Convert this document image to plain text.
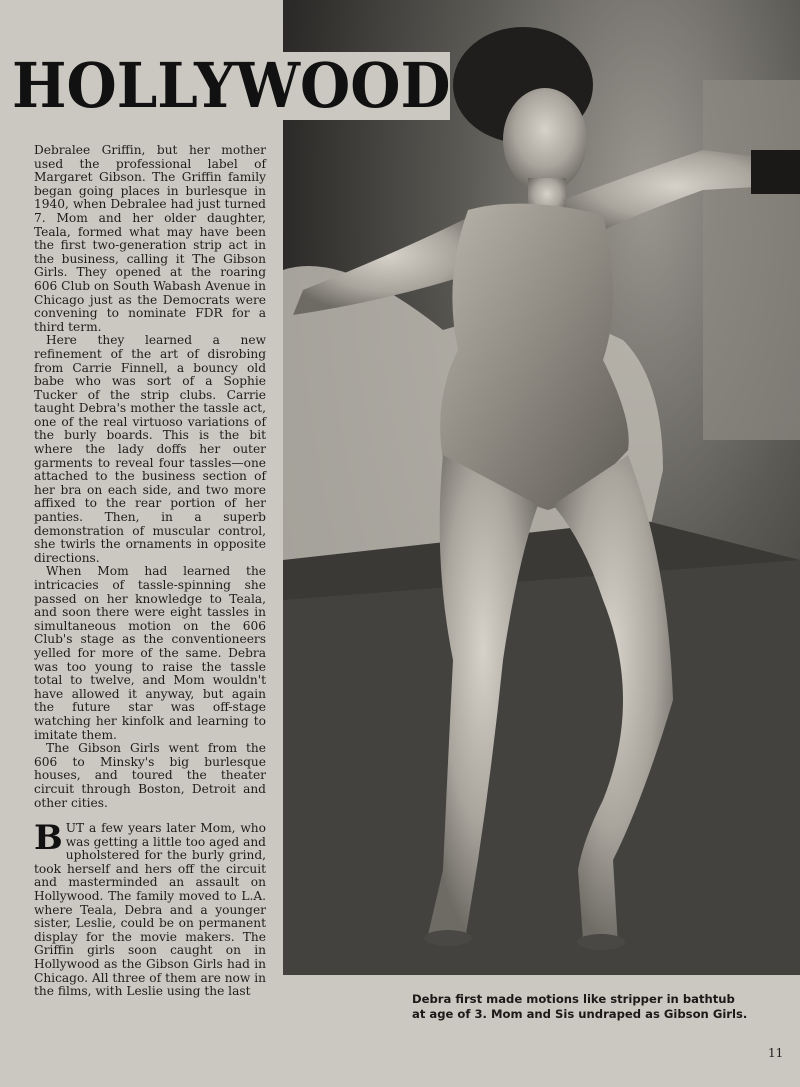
HOLLYWOOD

Debralee Griffin, but her mother used the professional label of Margaret Gibson. The Griffin family began going places in burlesque in 1940, when Debralee had just turned 7. Mom and her older daughter, Teala, formed what may have been the first two-generation strip act in the business, calling it The Gibson Girls. They opened at the roaring 606 Club on South Wabash Avenue in Chicago just as the Democrats were convening to nominate FDR for a third term.

Here they learned a new refinement of the art of disrobing from Carrie Finnell, a bouncy old babe who was sort of a Sophie Tucker of the strip clubs. Carrie taught Debra's mother the tassle act, one of the real virtuoso variations of the burly boards. This is the bit where the lady doffs her outer garments to reveal four tassles—one attached to the business section of her bra on each side, and two more affixed to the rear portion of her panties. Then, in a superb demonstration of muscular control, she twirls the ornaments in opposite directions.

When Mom had learned the intricacies of tassle-spinning she passed on her knowledge to Teala, and soon there were eight tassles in simultaneous motion on the 606 Club's stage as the conventioneers yelled for more of the same. Debra was too young to raise the tassle total to twelve, and Mom wouldn't have allowed it anyway, but again the future star was off-stage watching her kinfolk and learning to imitate them.

The Gibson Girls went from the 606 to Minsky's big burlesque houses, and toured the theater circuit through Boston, Detroit and other cities.

BUT a few years later Mom, who was getting a little too aged and upholstered for the burly grind, took herself and hers off the circuit and masterminded an assault on Hollywood. The family moved to L.A. where Teala, Debra and a younger sister, Leslie, could be on permanent display for the movie makers. The Griffin girls soon caught on in Hollywood as the Gibson Girls had in Chicago. All three of them are now in the films, with Leslie using the last

Debra first made motions like stripper in bathtub at age of 3. Mom and Sis undraped as Gibson Girls.
11
